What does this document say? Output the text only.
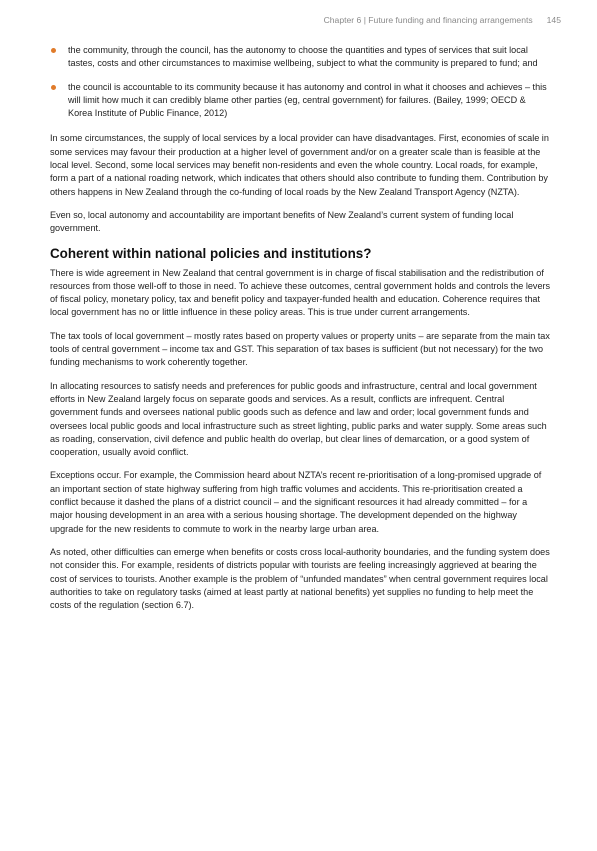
Chapter 6 | Future funding and financing arrangements 145
the community, through the council, has the autonomy to choose the quantities and types of services that suit local tastes, costs and other circumstances to maximise wellbeing, subject to what the community is prepared to fund; and
the council is accountable to its community because it has autonomy and control in what it chooses and achieves – this will limit how much it can credibly blame other parties (eg, central government) for failures. (Bailey, 1999; OECD & Korea Institute of Public Finance, 2012)

In some circumstances, the supply of local services by a local provider can have disadvantages. First, economies of scale in some services may favour their production at a higher level of government and/or on a greater scale than is feasible at the local level. Second, some local services may benefit non-residents and even the whole country. Local roads, for example, form a part of a national roading network, which indicates that others should also contribute to funding them. Contribution by others happens in New Zealand through the co-funding of local roads by the New Zealand Transport Agency (NZTA).

Even so, local autonomy and accountability are important benefits of New Zealand’s current system of funding local government.

Coherent within national policies and institutions?

There is wide agreement in New Zealand that central government is in charge of fiscal stabilisation and the redistribution of resources from those well-off to those in need. To achieve these outcomes, central government holds and controls the levers of fiscal policy, monetary policy, tax and benefit policy and taxpayer-funded health and education. Coherence requires that local government has no or little influence in these policy areas. This is true under current arrangements.

The tax tools of local government – mostly rates based on property values or property units – are separate from the main tax tools of central government – income tax and GST. This separation of tax bases is sufficient (but not necessary) for the two funding mechanisms to work coherently together.

In allocating resources to satisfy needs and preferences for public goods and infrastructure, central and local government efforts in New Zealand largely focus on separate goods and services. As a result, conflicts are infrequent. Central government funds and oversees national public goods such as defence and law and order; local government funds and oversees local public goods and local infrastructure such as street lighting, public parks and water supply. Some areas such as roading, conservation, civil defence and public health do overlap, but clear lines of demarcation, or a good system of cooperation, usually avoid conflict.

Exceptions occur. For example, the Commission heard about NZTA’s recent re-prioritisation of a long-promised upgrade of an important section of state highway suffering from high traffic volumes and accidents. This re-prioritisation created a conflict because it dashed the plans of a district council – and the significant resources it had already committed – for a major housing development in an area with a serious housing shortage. The development depended on the highway upgrade for the new residents to commute to work in the nearby large urban area.

As noted, other difficulties can emerge when benefits or costs cross local-authority boundaries, and the funding system does not consider this. For example, residents of districts popular with tourists are feeling increasingly aggrieved at bearing the cost of services to tourists. Another example is the problem of “unfunded mandates” when central government requires local authorities to take on regulatory tasks (aimed at least partly at national benefits) yet supplies no funding to help meet the costs of the regulation (section 6.7).
